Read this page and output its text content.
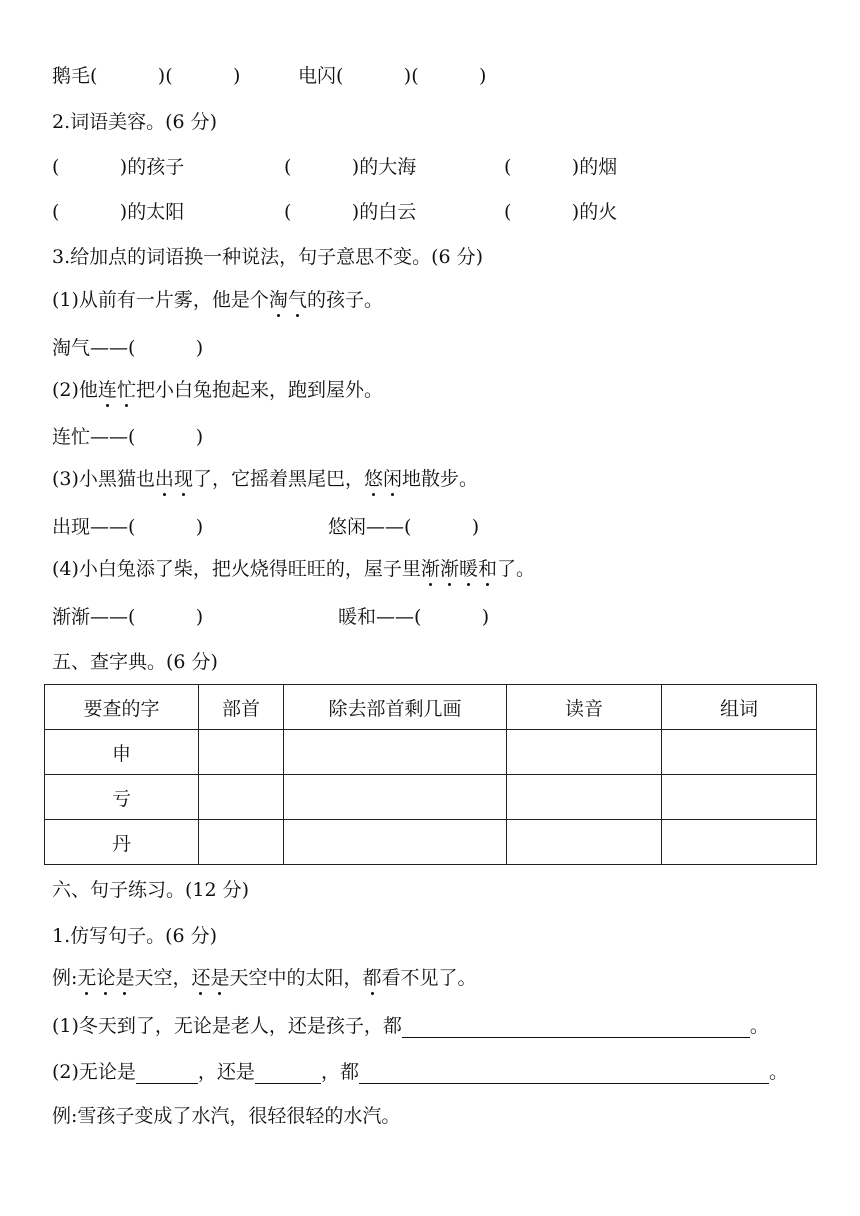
鹅毛(          )(          )	电闪(          )(          )
2.词语美容。(6 分)
(          )的孩子	(          )的大海	(          )的烟
(          )的太阳	(          )的白云	(          )的火
3.给加点的词语换一种说法，句子意思不变。(6 分)
(1)从前有一片雾，他是个淘气的孩子。
淘气——(          )
(2)他连忙把小白兔抱起来，跑到屋外。
连忙——(          )
(3)小黑猫也出现了，它摇着黑尾巴，悠闲地散步。
出现——(          )	悠闲——(          )
(4)小白兔添了柴，把火烧得旺旺的，屋子里渐渐暖和了。
渐渐——(          )	暖和——(          )
五、查字典。(6 分)
要查的字	部首	除去部首剩几画	读音	组词
申				
亏				
丹				
六、句子练习。(12 分)
1.仿写句子。(6 分)
例:无论是天空，还是天空中的太阳，都看不见了。
(1)冬天到了，无论是老人，还是孩子，都	。
(2)无论是	，还是	，都	。
例:雪孩子变成了水汽，很轻很轻的水汽。
